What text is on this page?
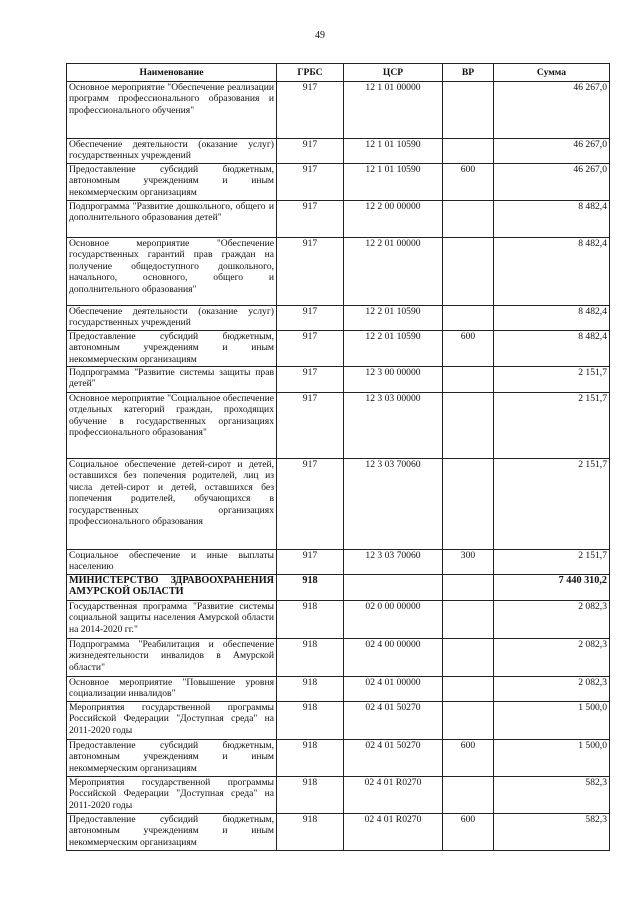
49
Наименование	ГРБС	ЦСР	ВР	Сумма
Основное мероприятие "Обеспечение реализации программ профессионального образования и профессионального обучения"	917	12 1 01 00000		46 267,0
Обеспечение деятельности (оказание услуг) государственных учреждений	917	12 1 01 10590		46 267,0
Предоставление субсидий бюджетным, автономным учреждениям и иным некоммерческим организациям	917	12 1 01 10590	600	46 267,0
Подпрограмма "Развитие дошкольного, общего и дополнительного образования детей"	917	12 2 00 00000		8 482,4
Основное мероприятие "Обеспечение государственных гарантий прав граждан на получение общедоступного дошкольного, начального, основного, общего и дополнительного образования"	917	12 2 01 00000		8 482,4
Обеспечение деятельности (оказание услуг) государственных учреждений	917	12 2 01 10590		8 482,4
Предоставление субсидий бюджетным, автономным учреждениям и иным некоммерческим организациям	917	12 2 01 10590	600	8 482,4
Подпрограмма "Развитие системы защиты прав детей"	917	12 3 00 00000		2 151,7
Основное мероприятие "Социальное обеспечение отдельных категорий граждан, проходящих обучение в государственных организациях профессионального образования"	917	12 3 03 00000		2 151,7
Социальное обеспечение детей-сирот и детей, оставшихся без попечения родителей, лиц из числа детей-сирот и детей, оставшихся без попечения родителей, обучающихся в государственных организациях профессионального образования	917	12 3 03 70060		2 151,7
Социальное обеспечение и иные выплаты населению	917	12 3 03 70060	300	2 151,7
МИНИСТЕРСТВО ЗДРАВООХРАНЕНИЯ АМУРСКОЙ ОБЛАСТИ	918			7 440 310,2
Государственная программа "Развитие системы социальной защиты населения Амурской области на 2014-2020 гг."	918	02 0 00 00000		2 082,3
Подпрограмма "Реабилитация и обеспечение жизнедеятельности инвалидов в Амурской области"	918	02 4 00 00000		2 082,3
Основное мероприятие "Повышение уровня социализации инвалидов"	918	02 4 01 00000		2 082,3
Мероприятия государственной программы Российской Федерации "Доступная среда" на 2011-2020 годы	918	02 4 01 50270		1 500,0
Предоставление субсидий бюджетным, автономным учреждениям и иным некоммерческим организациям	918	02 4 01 50270	600	1 500,0
Мероприятия государственной программы Российской Федерации "Доступная среда" на 2011-2020 годы	918	02 4 01 R0270		582,3
Предоставление субсидий бюджетным, автономным учреждениям и иным некоммерческим организациям	918	02 4 01 R0270	600	582,3
